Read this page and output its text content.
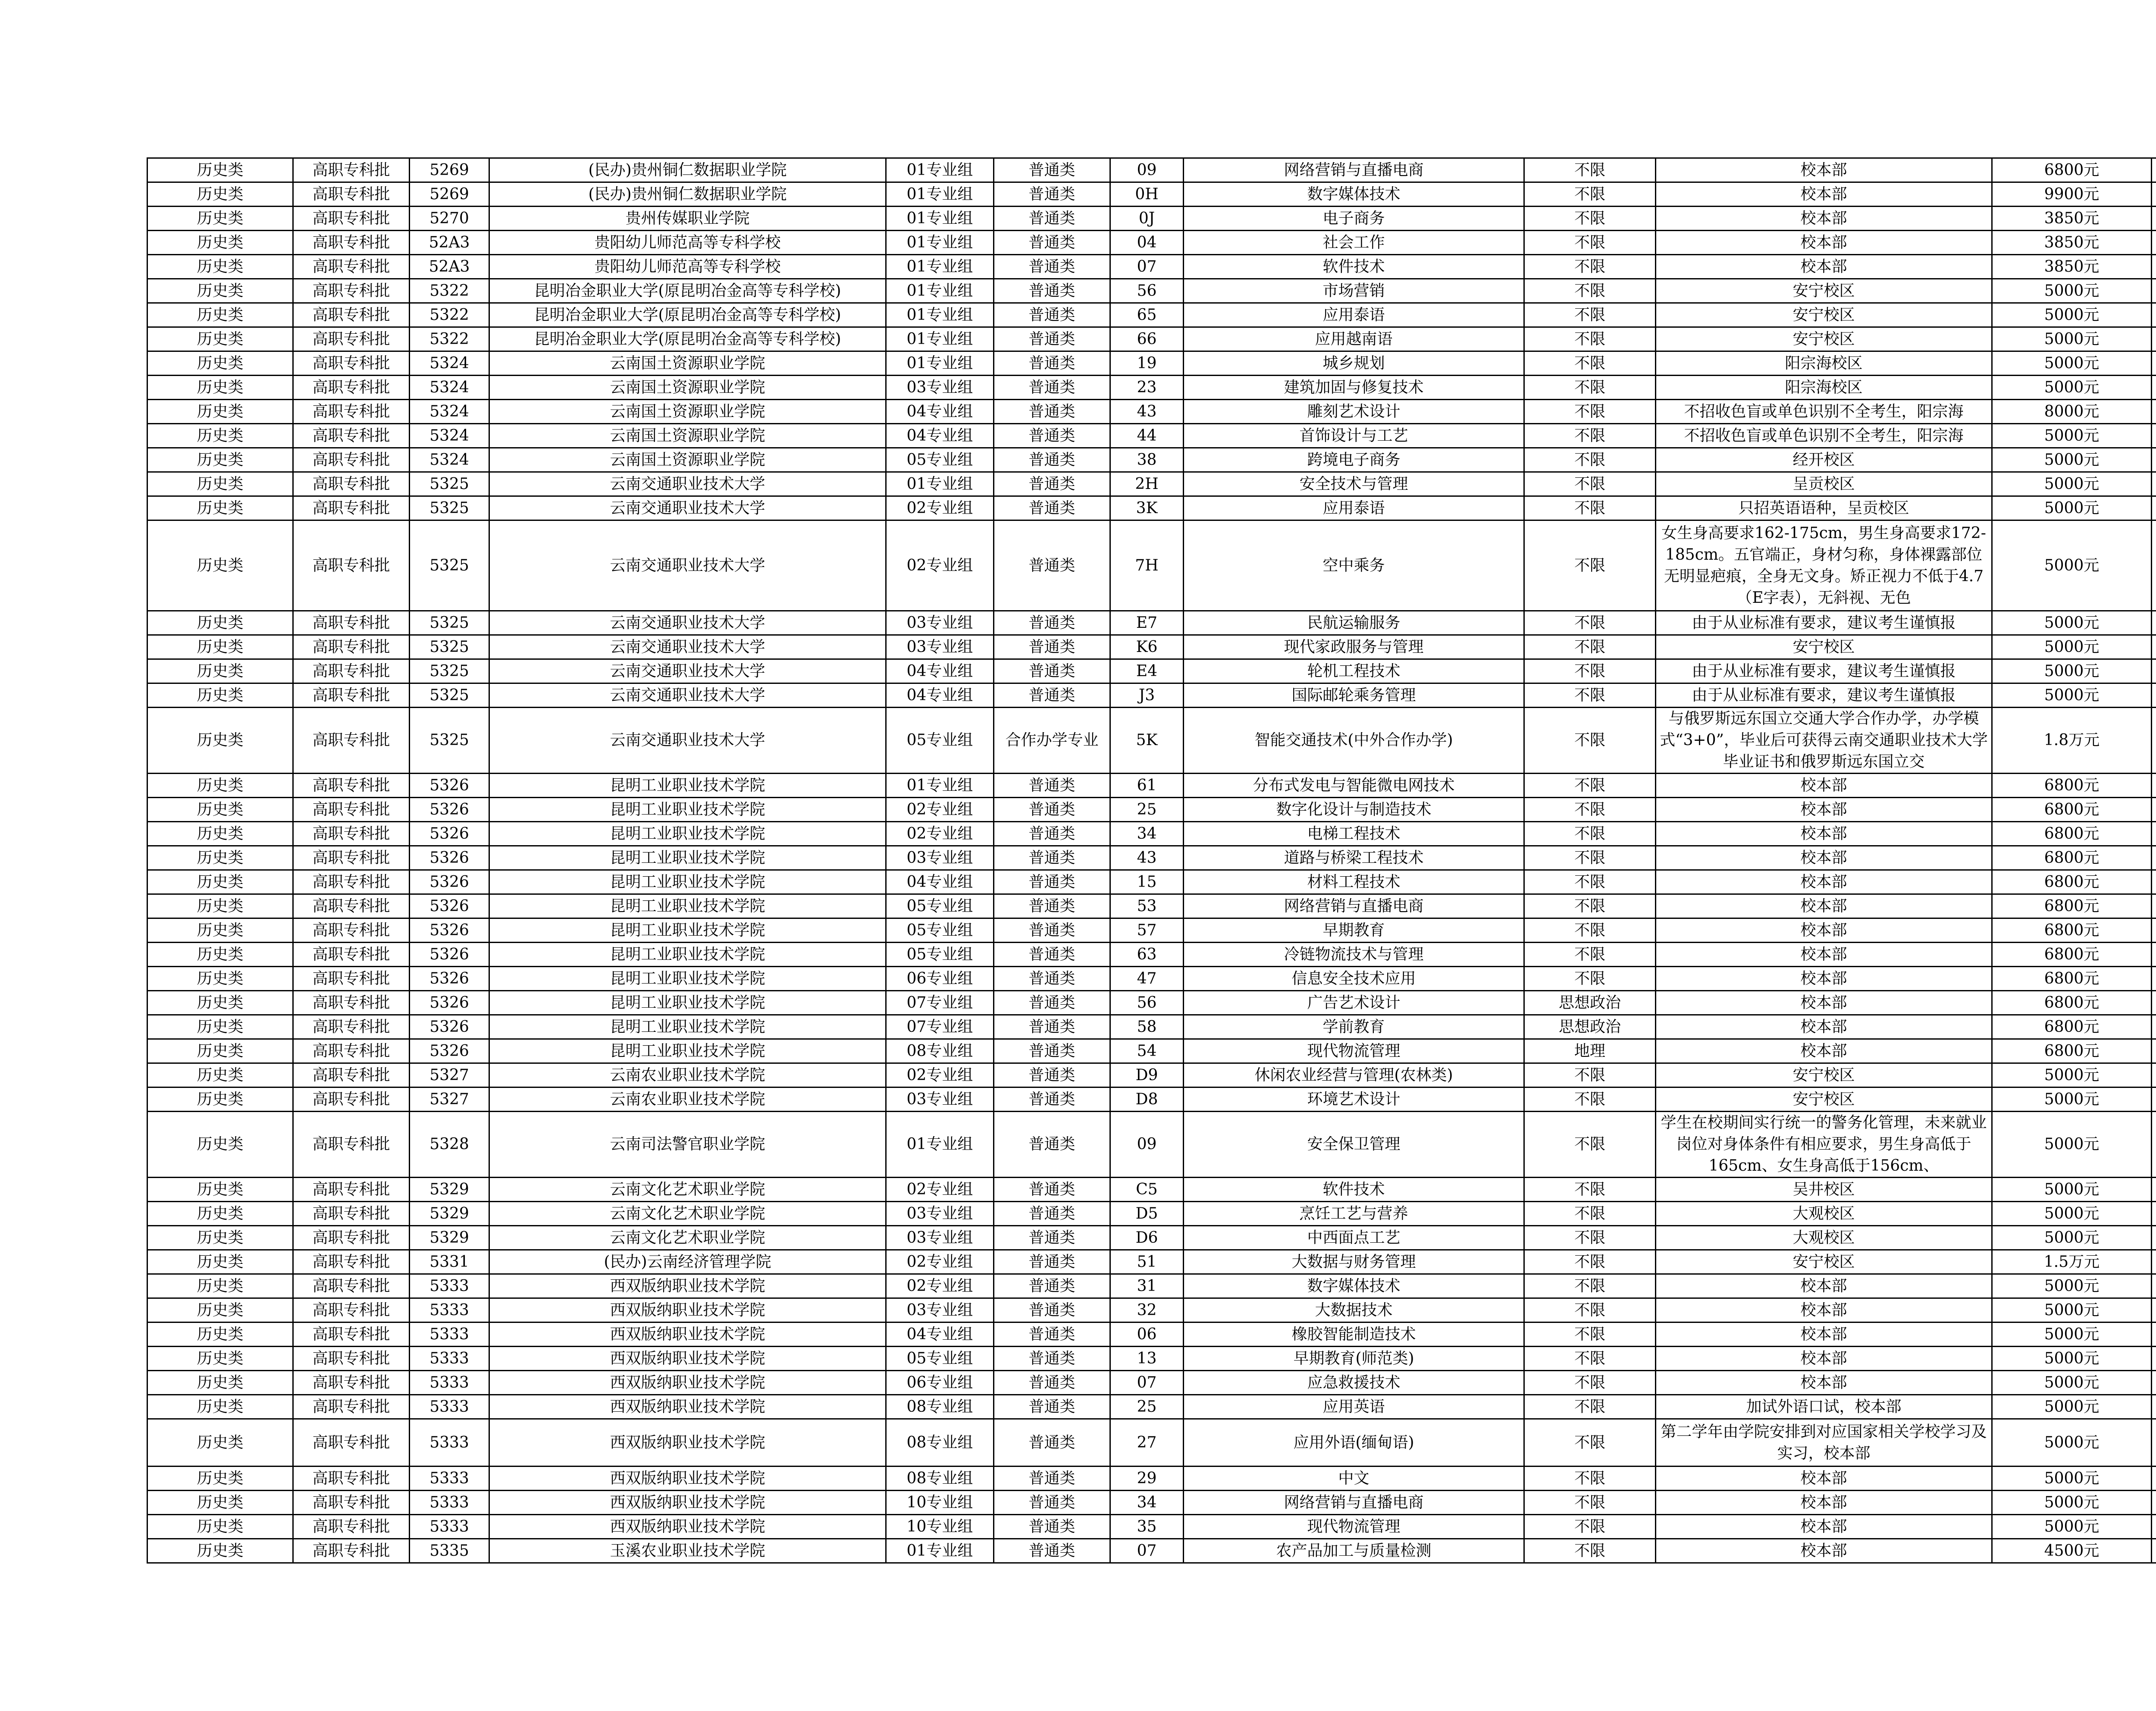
历史类	高职专科批	5269	(民办)贵州铜仁数据职业学院	01专业组	普通类	09	网络营销与直播电商	不限	校本部	6800元	
历史类	高职专科批	5269	(民办)贵州铜仁数据职业学院	01专业组	普通类	0H	数字媒体技术	不限	校本部	9900元	
历史类	高职专科批	5270	贵州传媒职业学院	01专业组	普通类	0J	电子商务	不限	校本部	3850元	
历史类	高职专科批	52A3	贵阳幼儿师范高等专科学校	01专业组	普通类	04	社会工作	不限	校本部	3850元	
历史类	高职专科批	52A3	贵阳幼儿师范高等专科学校	01专业组	普通类	07	软件技术	不限	校本部	3850元	
历史类	高职专科批	5322	昆明冶金职业大学(原昆明冶金高等专科学校)	01专业组	普通类	56	市场营销	不限	安宁校区	5000元	
历史类	高职专科批	5322	昆明冶金职业大学(原昆明冶金高等专科学校)	01专业组	普通类	65	应用泰语	不限	安宁校区	5000元	
历史类	高职专科批	5322	昆明冶金职业大学(原昆明冶金高等专科学校)	01专业组	普通类	66	应用越南语	不限	安宁校区	5000元	
历史类	高职专科批	5324	云南国土资源职业学院	01专业组	普通类	19	城乡规划	不限	阳宗海校区	5000元	
历史类	高职专科批	5324	云南国土资源职业学院	03专业组	普通类	23	建筑加固与修复技术	不限	阳宗海校区	5000元	
历史类	高职专科批	5324	云南国土资源职业学院	04专业组	普通类	43	雕刻艺术设计	不限	不招收色盲或单色识别不全考生，阳宗海	8000元	
历史类	高职专科批	5324	云南国土资源职业学院	04专业组	普通类	44	首饰设计与工艺	不限	不招收色盲或单色识别不全考生，阳宗海	5000元	
历史类	高职专科批	5324	云南国土资源职业学院	05专业组	普通类	38	跨境电子商务	不限	经开校区	5000元	
历史类	高职专科批	5325	云南交通职业技术大学	01专业组	普通类	2H	安全技术与管理	不限	呈贡校区	5000元	
历史类	高职专科批	5325	云南交通职业技术大学	02专业组	普通类	3K	应用泰语	不限	只招英语语种，呈贡校区	5000元	
历史类	高职专科批	5325	云南交通职业技术大学	02专业组	普通类	7H	空中乘务	不限	女生身高要求162-175cm，男生身高要求172-185cm。五官端正，身材匀称，身体裸露部位无明显疤痕，全身无文身。矫正视力不低于4.7（E字表），无斜视、无色	5000元	
历史类	高职专科批	5325	云南交通职业技术大学	03专业组	普通类	E7	民航运输服务	不限	由于从业标准有要求，建议考生谨慎报	5000元	
历史类	高职专科批	5325	云南交通职业技术大学	03专业组	普通类	K6	现代家政服务与管理	不限	安宁校区	5000元	
历史类	高职专科批	5325	云南交通职业技术大学	04专业组	普通类	E4	轮机工程技术	不限	由于从业标准有要求，建议考生谨慎报	5000元	
历史类	高职专科批	5325	云南交通职业技术大学	04专业组	普通类	J3	国际邮轮乘务管理	不限	由于从业标准有要求，建议考生谨慎报	5000元	
历史类	高职专科批	5325	云南交通职业技术大学	05专业组	合作办学专业	5K	智能交通技术(中外合作办学)	不限	与俄罗斯远东国立交通大学合作办学，办学模式“3+0”，毕业后可获得云南交通职业技术大学毕业证书和俄罗斯远东国立交	1.8万元	
历史类	高职专科批	5326	昆明工业职业技术学院	01专业组	普通类	61	分布式发电与智能微电网技术	不限	校本部	6800元	
历史类	高职专科批	5326	昆明工业职业技术学院	02专业组	普通类	25	数字化设计与制造技术	不限	校本部	6800元	
历史类	高职专科批	5326	昆明工业职业技术学院	02专业组	普通类	34	电梯工程技术	不限	校本部	6800元	
历史类	高职专科批	5326	昆明工业职业技术学院	03专业组	普通类	43	道路与桥梁工程技术	不限	校本部	6800元	
历史类	高职专科批	5326	昆明工业职业技术学院	04专业组	普通类	15	材料工程技术	不限	校本部	6800元	
历史类	高职专科批	5326	昆明工业职业技术学院	05专业组	普通类	53	网络营销与直播电商	不限	校本部	6800元	
历史类	高职专科批	5326	昆明工业职业技术学院	05专业组	普通类	57	早期教育	不限	校本部	6800元	
历史类	高职专科批	5326	昆明工业职业技术学院	05专业组	普通类	63	冷链物流技术与管理	不限	校本部	6800元	
历史类	高职专科批	5326	昆明工业职业技术学院	06专业组	普通类	47	信息安全技术应用	不限	校本部	6800元	
历史类	高职专科批	5326	昆明工业职业技术学院	07专业组	普通类	56	广告艺术设计	思想政治	校本部	6800元	
历史类	高职专科批	5326	昆明工业职业技术学院	07专业组	普通类	58	学前教育	思想政治	校本部	6800元	
历史类	高职专科批	5326	昆明工业职业技术学院	08专业组	普通类	54	现代物流管理	地理	校本部	6800元	
历史类	高职专科批	5327	云南农业职业技术学院	02专业组	普通类	D9	休闲农业经营与管理(农林类)	不限	安宁校区	5000元	
历史类	高职专科批	5327	云南农业职业技术学院	03专业组	普通类	D8	环境艺术设计	不限	安宁校区	5000元	
历史类	高职专科批	5328	云南司法警官职业学院	01专业组	普通类	09	安全保卫管理	不限	学生在校期间实行统一的警务化管理，未来就业岗位对身体条件有相应要求，男生身高低于165cm、女生身高低于156cm、	5000元	
历史类	高职专科批	5329	云南文化艺术职业学院	02专业组	普通类	C5	软件技术	不限	吴井校区	5000元	
历史类	高职专科批	5329	云南文化艺术职业学院	03专业组	普通类	D5	烹饪工艺与营养	不限	大观校区	5000元	
历史类	高职专科批	5329	云南文化艺术职业学院	03专业组	普通类	D6	中西面点工艺	不限	大观校区	5000元	
历史类	高职专科批	5331	(民办)云南经济管理学院	02专业组	普通类	51	大数据与财务管理	不限	安宁校区	1.5万元	
历史类	高职专科批	5333	西双版纳职业技术学院	02专业组	普通类	31	数字媒体技术	不限	校本部	5000元	
历史类	高职专科批	5333	西双版纳职业技术学院	03专业组	普通类	32	大数据技术	不限	校本部	5000元	
历史类	高职专科批	5333	西双版纳职业技术学院	04专业组	普通类	06	橡胶智能制造技术	不限	校本部	5000元	
历史类	高职专科批	5333	西双版纳职业技术学院	05专业组	普通类	13	早期教育(师范类)	不限	校本部	5000元	
历史类	高职专科批	5333	西双版纳职业技术学院	06专业组	普通类	07	应急救援技术	不限	校本部	5000元	
历史类	高职专科批	5333	西双版纳职业技术学院	08专业组	普通类	25	应用英语	不限	加试外语口试，校本部	5000元	
历史类	高职专科批	5333	西双版纳职业技术学院	08专业组	普通类	27	应用外语(缅甸语)	不限	第二学年由学院安排到对应国家相关学校学习及实习，校本部	5000元	
历史类	高职专科批	5333	西双版纳职业技术学院	08专业组	普通类	29	中文	不限	校本部	5000元	
历史类	高职专科批	5333	西双版纳职业技术学院	10专业组	普通类	34	网络营销与直播电商	不限	校本部	5000元	
历史类	高职专科批	5333	西双版纳职业技术学院	10专业组	普通类	35	现代物流管理	不限	校本部	5000元	
历史类	高职专科批	5335	玉溪农业职业技术学院	01专业组	普通类	07	农产品加工与质量检测	不限	校本部	4500元	
